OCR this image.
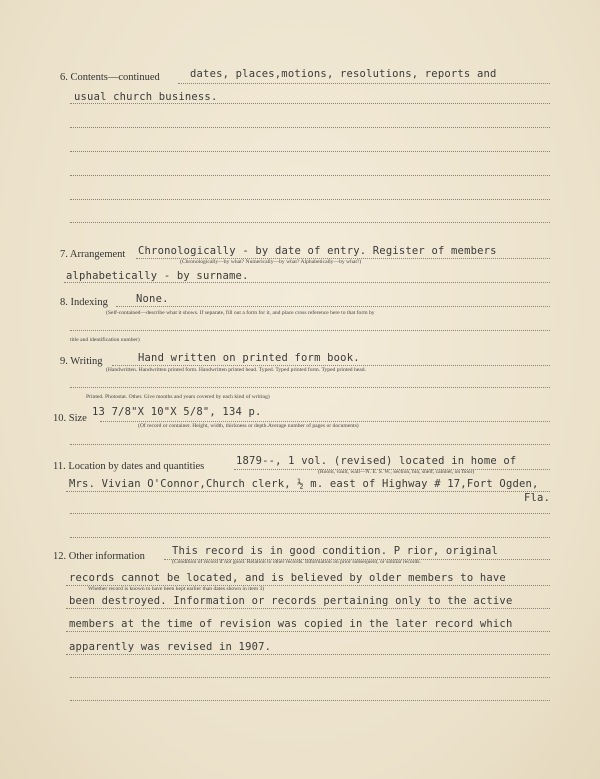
6. Contents—continued	dates, places,motions, resolutions, reports and
usual church business.
7. Arrangement Chronologically - by date of entry. Register of members
(Chronologically—by what? Numerically—by what? Alphabetically—by what?)
alphabetically - by surname.
8. Indexing	None.
(Self-contained—describe what it shows. If separate, fill out a form for it, and place cross reference here to that form by
title and identification number)
9. Writing	Hand written on printed form book.
(Handwritten. Handwritten printed form. Handwritten printed head. Typed. Typed printed form. Typed printed head.
Printed. Photostat. Other. Give months and years covered by each kind of writing)
10. Size
13 7/8"X 10"X 5/8", 134 p.
(Of record or container. Height, width, thickness or depth.Average number of pages or documents)
11. Location by dates and quantities	1879--, 1 vol. (revised) located in home of
(Room, vault, wall—N. E. S. W., section, bin, shelf, cabinet, on floor)
Mrs. Vivian O'Connor,Church clerk, ½ m. east of Highway # 17,Fort Ogden,
Fla.
12. Other information	This record is in good condition. P rior, original
(Condition of record if not good. Relation to other records. Information on prior subsequent, or similar records.
records cannot be located, and is believed by older members to have
Whether record is known to have been kept earlier than dates shown in item 3)
been destroyed. Information or records pertaining only to the active
members at the time of revision was copied in the later record which
apparently was revised in 1907.
